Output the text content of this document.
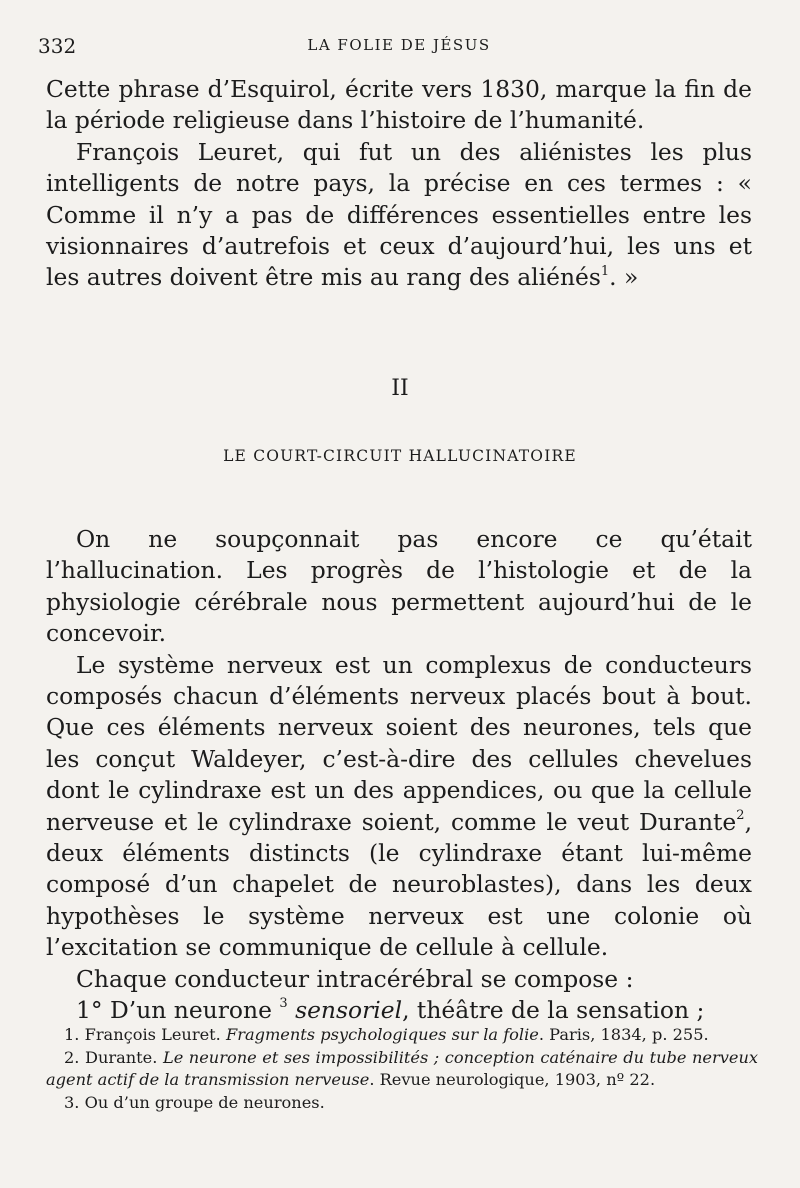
332	LA FOLIE DE JÉSUS

Cette phrase d’Esquirol, écrite vers 1830, marque la fin de la période religieuse dans l’histoire de l’humanité.

François Leuret, qui fut un des aliénistes les plus intelligents de notre pays, la précise en ces termes : « Comme il n’y a pas de différences essentielles entre les visionnaires d’autrefois et ceux d’aujourd’hui, les uns et les autres doivent être mis au rang des aliénés$^1$. »

II
LE COURT-CIRCUIT HALLUCINATOIRE

On ne soupçonnait pas encore ce qu’était l’hallucination. Les progrès de l’histologie et de la physiologie cérébrale nous permettent aujourd’hui de le concevoir.

Le système nerveux est un complexus de conducteurs composés chacun d’éléments nerveux placés bout à bout. Que ces éléments nerveux soient des neurones, tels que les conçut Waldeyer, c’est-à-dire des cellules chevelues dont le cylindraxe est un des appendices, ou que la cellule nerveuse et le cylindraxe soient, comme le veut Durante$^2$, deux éléments distincts (le cylindraxe étant lui-même composé d’un chapelet de neuroblastes), dans les deux hypothèses le système nerveux est une colonie où l’excitation se communique de cellule à cellule.

Chaque conducteur intracérébral se compose :

1° D’un neurone $^3$ sensoriel, théâtre de la sensation ;

1. François Leuret. Fragments psychologiques sur la folie. Paris, 1834, p. 255.

2. Durante. Le neurone et ses impossibilités ; conception caténaire du tube nerveux agent actif de la transmission nerveuse. Revue neurologique, 1903, nº 22.

3. Ou d’un groupe de neurones.
